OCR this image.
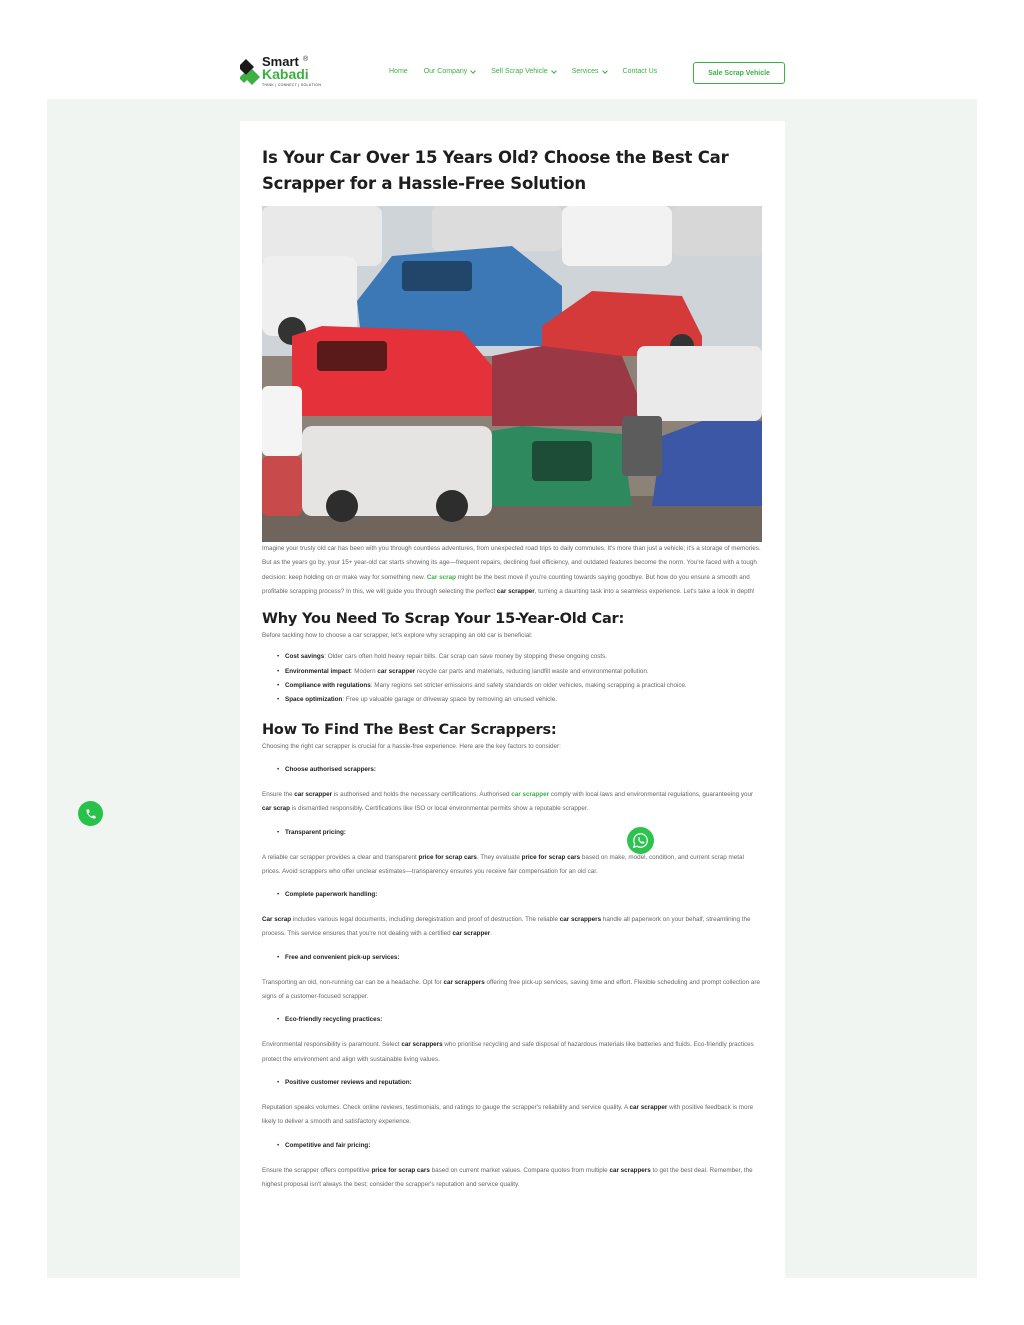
Smart
Kabadi
®
THINK | CONNECT | SOLUTION
Home Our Company	Sell Scrap Vehicle	Services	Contact Us	Sale Scrap Vehicle
Is Your Car Over 15 Years Old? Choose the Best Car Scrapper for a Hassle-Free Solution

Imagine your trusty old car has been with you through countless adventures, from unexpected road trips to daily commutes. It's more than just a vehicle; it's a storage of memories. But as the years go by, your 15+ year-old car starts showing its age—frequent repairs, declining fuel efficiency, and outdated features become the norm. You're faced with a tough decision: keep holding on or make way for something new. Car scrap might be the best move if you're counting towards saying goodbye. But how do you ensure a smooth and profitable scrapping process? In this, we will guide you through selecting the perfect car scrapper, turning a daunting task into a seamless experience. Let's take a look in depth!

Why You Need To Scrap Your 15-Year-Old Car:

Before tackling how to choose a car scrapper, let's explore why scrapping an old car is beneficial:

• Cost savings: Older cars often hold heavy repair bills. Car scrap can save money by stopping these ongoing costs.
• Environmental impact: Modern car scrapper recycle car parts and materials, reducing landfill waste and environmental pollution.
• Compliance with regulations: Many regions set stricter emissions and safety standards on older vehicles, making scrapping a practical choice.
• Space optimization: Free up valuable garage or driveway space by removing an unused vehicle.
How To Find The Best Car Scrappers:

Choosing the right car scrapper is crucial for a hassle-free experience. Here are the key factors to consider:

• Choose authorised scrappers:

Ensure the car scrapper is authorised and holds the necessary certifications. Authorised car scrapper comply with local laws and environmental regulations, guaranteeing your car scrap is dismantled responsibly. Certifications like ISO or local environmental permits show a reputable scrapper.

• Transparent pricing:

A reliable car scrapper provides a clear and transparent price for scrap cars. They evaluate price for scrap cars based on make, model, condition, and current scrap metal prices. Avoid scrappers who offer unclear estimates—transparency ensures you receive fair compensation for an old car.

• Complete paperwork handling:

Car scrap includes various legal documents, including deregistration and proof of destruction. The reliable car scrappers handle all paperwork on your behalf, streamlining the process. This service ensures that you're not dealing with a certified car scrapper.

• Free and convenient pick-up services:

Transporting an old, non-running car can be a headache. Opt for car scrappers offering free pick-up services, saving time and effort. Flexible scheduling and prompt collection are signs of a customer-focused scrapper.

• Eco-friendly recycling practices:

Environmental responsibility is paramount. Select car scrappers who prioritise recycling and safe disposal of hazardous materials like batteries and fluids. Eco-friendly practices protect the environment and align with sustainable living values.

• Positive customer reviews and reputation:

Reputation speaks volumes. Check online reviews, testimonials, and ratings to gauge the scrapper's reliability and service quality. A car scrapper with positive feedback is more likely to deliver a smooth and satisfactory experience.

• Competitive and fair pricing:

Ensure the scrapper offers competitive price for scrap cars based on current market values. Compare quotes from multiple car scrappers to get the best deal. Remember, the highest proposal isn't always the best; consider the scrapper's reputation and service quality.
